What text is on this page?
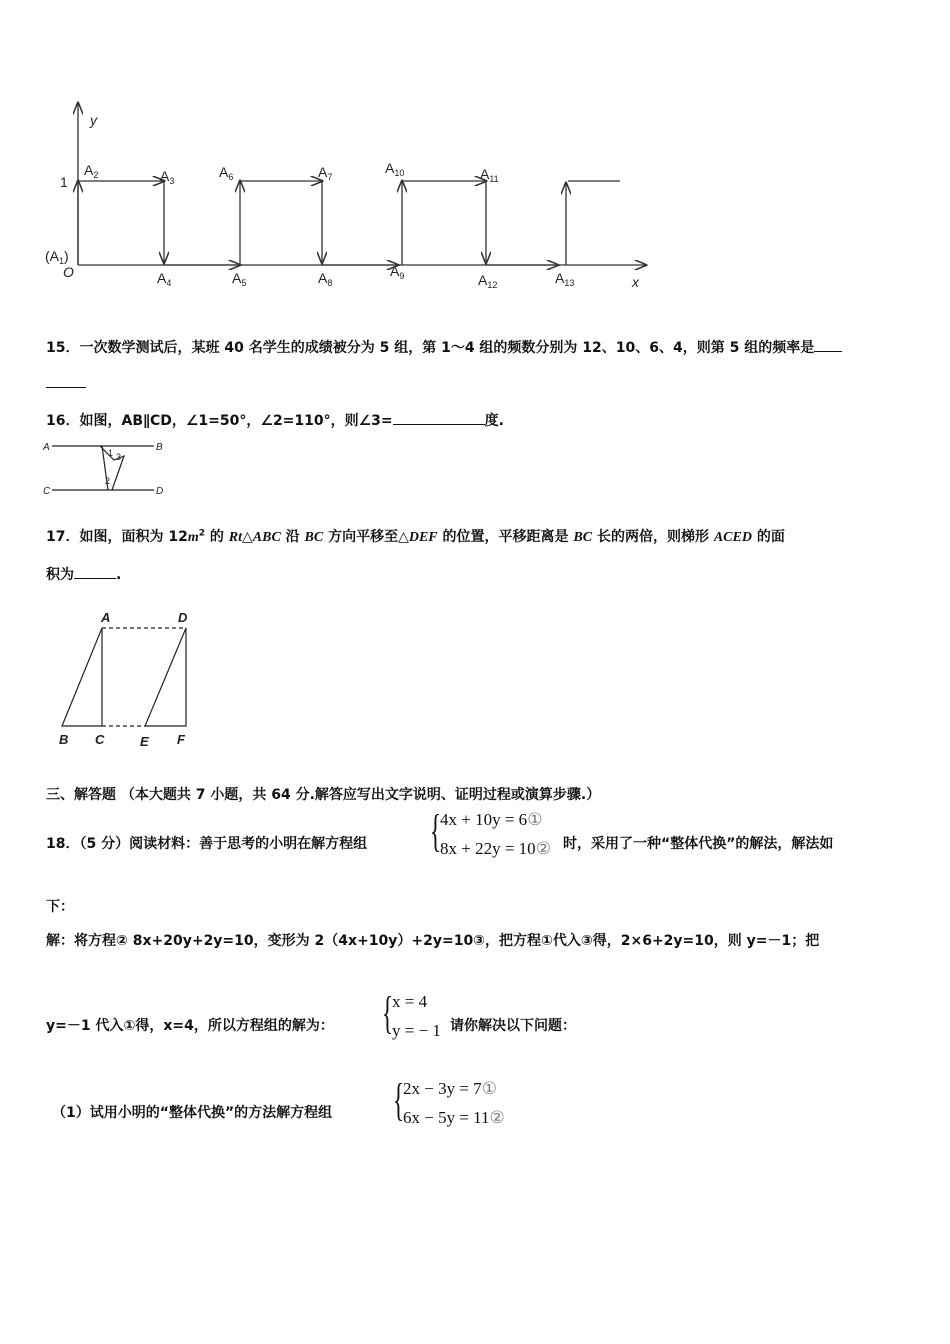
y
x
1
O
$(A_1)$
$A_2$	$A_3$
$A_4$	$A_5$
$A_6$	$A_7$
$A_8$
$A_9$
$A_{10}$	$A_{11}$
$A_{12}$	$A_{13}$
15．一次数学测试后，某班 40 名学生的成绩被分为 5 组，第 1～4 组的频数分别为 12、10、6、4，则第 5 组的频率是
16．如图，AB∥CD，∠1=50°，∠2=110°，则∠3=	度.
A	B
C	D
1 3
2
17．如图，面积为 $12m^2$ 的 Rt△ABC 沿 BC 方向平移至△DEF 的位置，平移距离是 BC 长的两倍，则梯形 ACED 的面
积为	.
A	D
B C	E F
三、解答题 （本大题共 7 小题，共 64 分.解答应写出文字说明、证明过程或演算步骤.）
18．（5 分）阅读材料：善于思考的小明在解方程组 {
4x + 10y = 6①
8x + 22y = 10② 时，采用了一种“整体代换”的解法，解法如
下：
解：将方程② 8x+20y+2y=10，变形为 2（4x+10y）+2y=10③，把方程①代入③得，2×6+2y=10，则 y=－1；把
y=－1 代入①得，x=4，所以方程组的解为： {
x = 4
y = − 1 请你解决以下问题：
（1）试用小明的“整体代换”的方法解方程组 {
2x − 3y = 7①
6x − 5y = 11②
